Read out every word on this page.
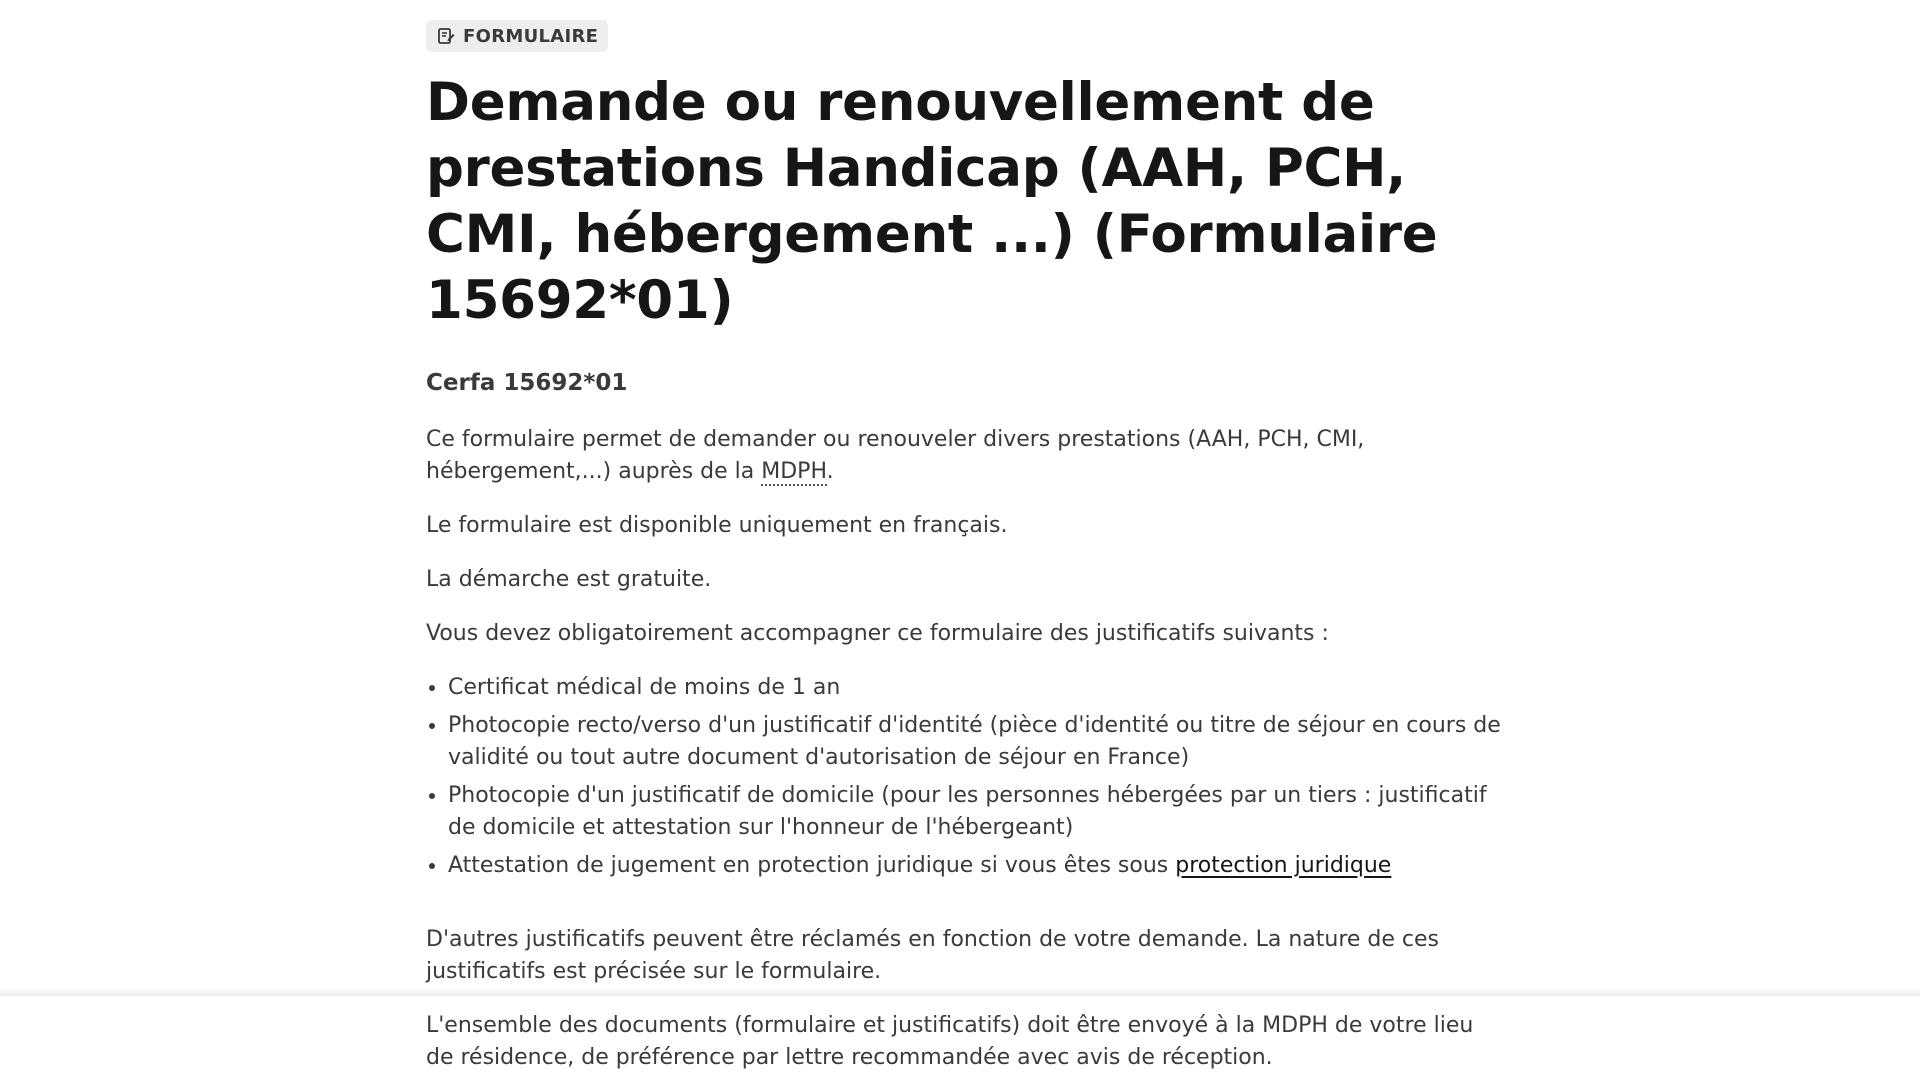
FORMULAIRE
Demande ou renouvellement de prestations Handicap (AAH, PCH, CMI, hébergement ...) (Formulaire 15692*01)
Cerfa 15692*01

Ce formulaire permet de demander ou renouveler divers prestations (AAH, PCH, CMI, hébergement,...) auprès de la MDPH.

Le formulaire est disponible uniquement en français.

La démarche est gratuite.

Vous devez obligatoirement accompagner ce formulaire des justificatifs suivants :

• Certificat médical de moins de 1 an
• Photocopie recto/verso d'un justificatif d'identité (pièce d'identité ou titre de séjour en cours de validité ou tout autre document d'autorisation de séjour en France)
• Photocopie d'un justificatif de domicile (pour les personnes hébergées par un tiers : justificatif de domicile et attestation sur l'honneur de l'hébergeant)
• Attestation de jugement en protection juridique si vous êtes sous protection juridique

D'autres justificatifs peuvent être réclamés en fonction de votre demande. La nature de ces justificatifs est précisée sur le formulaire.

L'ensemble des documents (formulaire et justificatifs) doit être envoyé à la MDPH de votre lieu de résidence, de préférence par lettre recommandée avec avis de réception.
